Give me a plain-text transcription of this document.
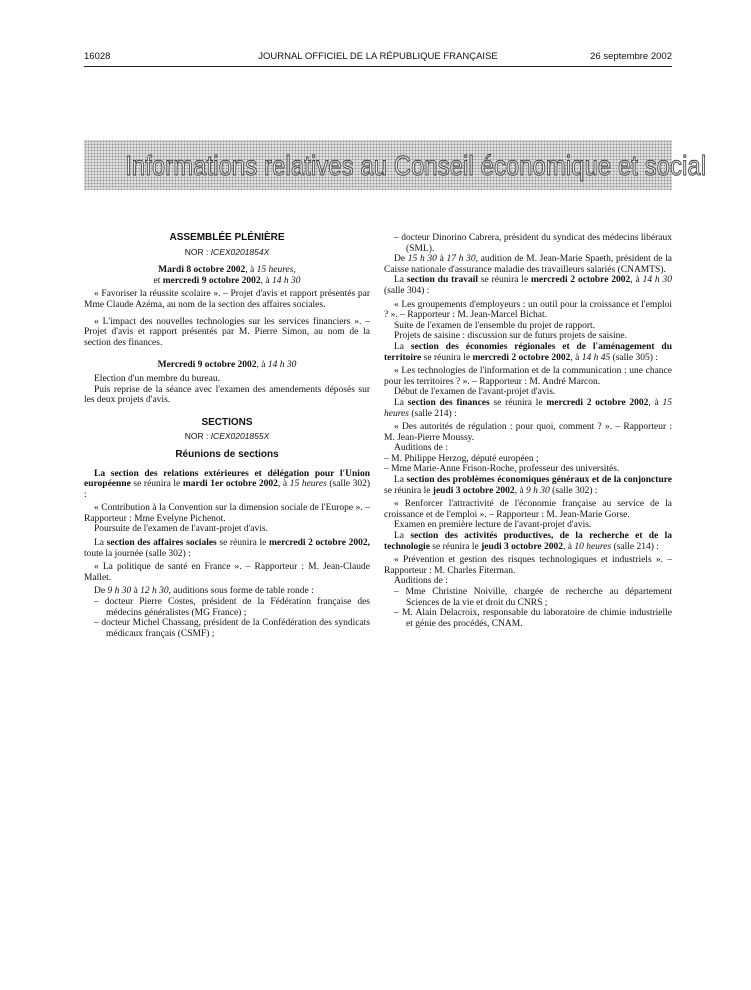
16028	JOURNAL OFFICIEL DE LA RÉPUBLIQUE FRANÇAISE	26 septembre 2002
Informations relatives au Conseil économique et social
ASSEMBLÉE PLÉNIÈRE
NOR : ICEX0201854X
Mardi 8 octobre 2002, à 15 heures,
et mercredi 9 octobre 2002, à 14 h 30

« Favoriser la réussite scolaire ». – Projet d'avis et rapport présentés par Mme Claude Azéma, au nom de la section des affaires sociales.

« L'impact des nouvelles technologies sur les services financiers ». – Projet d'avis et rapport présentés par M. Pierre Simon, au nom de la section des finances.

Mercredi 9 octobre 2002, à 14 h 30

Election d'un membre du bureau.

Puis reprise de la séance avec l'examen des amendements déposés sur les deux projets d'avis.

SECTIONS
NOR : ICEX0201855X
Réunions de sections

La section des relations extérieures et délégation pour l'Union européenne se réunira le mardi 1er octobre 2002, à 15 heures (salle 302) :

« Contribution à la Convention sur la dimension sociale de l'Europe ». – Rapporteur : Mme Evelyne Pichenot.

Poursuite de l'examen de l'avant-projet d'avis.

La section des affaires sociales se réunira le mercredi 2 octobre 2002, toute la journée (salle 302) :

« La politique de santé en France ». – Rapporteur : M. Jean-Claude Mallet.

De 9 h 30 à 12 h 30, auditions sous forme de table ronde :

– docteur Pierre Costes, président de la Fédération française des médecins généralistes (MG France) ;

– docteur Michel Chassang, président de la Confédération des syndicats médicaux français (CSMF) ;

– docteur Dinorino Cabrera, président du syndicat des médecins libéraux (SML).

De 15 h 30 à 17 h 30, audition de M. Jean-Marie Spaeth, président de la Caisse nationale d'assurance maladie des travailleurs salariés (CNAMTS).

La section du travail se réunira le mercredi 2 octobre 2002, à 14 h 30 (salle 304) :

« Les groupements d'employeurs : un outil pour la croissance et l'emploi ? ». – Rapporteur : M. Jean-Marcel Bichat.

Suite de l'examen de l'ensemble du projet de rapport.

Projets de saisine : discussion sur de futurs projets de saisine.

La section des économies régionales et de l'aménagement du territoire se réunira le mercredi 2 octobre 2002, à 14 h 45 (salle 305) :

« Les technologies de l'information et de la communication : une chance pour les territoires ? ». – Rapporteur : M. André Marcon.

Début de l'examen de l'avant-projet d'avis.

La section des finances se réunira le mercredi 2 octobre 2002, à 15 heures (salle 214) :

« Des autorités de régulation : pour quoi, comment ? ». – Rapporteur : M. Jean-Pierre Moussy.

Auditions de :

– M. Philippe Herzog, député européen ;

– Mme Marie-Anne Frison-Roche, professeur des universités.

La section des problèmes économiques généraux et de la conjoncture se réunira le jeudi 3 octobre 2002, à 9 h 30 (salle 302) :

« Renforcer l'attractivité de l'économie française au service de la croissance et de l'emploi ». – Rapporteur : M. Jean-Marie Gorse.

Examen en première lecture de l'avant-projet d'avis.

La section des activités productives, de la recherche et de la technologie se réunira le jeudi 3 octobre 2002, à 10 heures (salle 214) :

« Prévention et gestion des risques technologiques et industriels ». – Rapporteur : M. Charles Fiterman.

Auditions de :

– Mme Christine Noiville, chargée de recherche au département Sciences de la vie et droit du CNRS ;

– M. Alain Delacroix, responsable du laboratoire de chimie industrielle et génie des procédés, CNAM.
